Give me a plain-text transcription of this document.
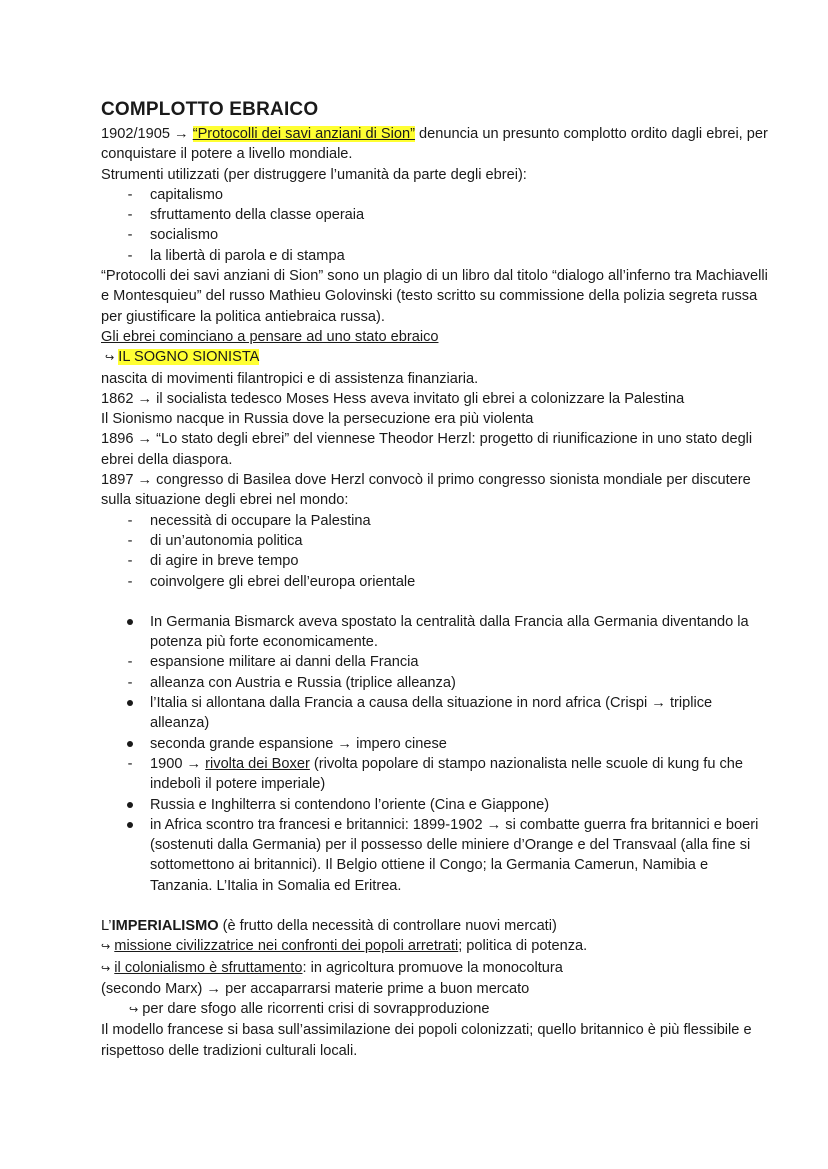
COMPLOTTO EBRAICO

1902/1905 → “Protocolli dei savi anziani di Sion” denuncia un presunto complotto ordito dagli ebrei, per conquistare il potere a livello mondiale.

Strumenti utilizzati (per distruggere l’umanità da parte degli ebrei):

- capitalismo
- sfruttamento della classe operaia
- socialismo
- la libertà di parola e di stampa

“Protocolli dei savi anziani di Sion” sono un plagio di un libro dal titolo “dialogo all’inferno tra Machiavelli e Montesquieu” del russo Mathieu Golovinski (testo scritto su commissione della polizia segreta russa per giustificare la politica antiebraica russa).

Gli ebrei cominciano a pensare ad uno stato ebraico

↪ IL SOGNO SIONISTA

nascita di movimenti filantropici e di assistenza finanziaria.

1862 → il socialista tedesco Moses Hess aveva invitato gli ebrei a colonizzare la Palestina

Il Sionismo nacque in Russia dove la persecuzione era più violenta

1896 → “Lo stato degli ebrei” del viennese Theodor Herzl: progetto di riunificazione in uno stato degli ebrei della diaspora.

1897 → congresso di Basilea dove Herzl convocò il primo congresso sionista mondiale per discutere sulla situazione degli ebrei nel mondo:

- necessità di occupare la Palestina
- di un’autonomia politica
- di agire in breve tempo
- coinvolgere gli ebrei dell’europa orientale
In Germania Bismarck aveva spostato la centralità dalla Francia alla Germania diventando la potenza più forte economicamente.
- espansione militare ai danni della Francia
- alleanza con Austria e Russia (triplice alleanza)
l’Italia si allontana dalla Francia a causa della situazione in nord africa (Crispi → triplice alleanza)
seconda grande espansione → impero cinese
- 1900 → rivolta dei Boxer (rivolta popolare di stampo nazionalista nelle scuole di kung fu che indebolì il potere imperiale)
Russia e Inghilterra si contendono l’oriente (Cina e Giappone)
in Africa scontro tra francesi e britannici: 1899-1902 → si combatte guerra fra britannici e boeri (sostenuti dalla Germania) per il possesso delle miniere d’Orange e del Transvaal (alla fine si sottomettono ai britannici). Il Belgio ottiene il Congo; la Germania Camerun, Namibia e Tanzania. L’Italia in Somalia ed Eritrea.

L’IMPERIALISMO (è frutto della necessità di controllare nuovi mercati)

↪ missione civilizzatrice nei confronti dei popoli arretrati; politica di potenza.

↪ il colonialismo è sfruttamento: in agricoltura promuove la monocoltura

(secondo Marx) → per accaparrarsi materie prime a buon mercato

↪ per dare sfogo alle ricorrenti crisi di sovrapproduzione

Il modello francese si basa sull’assimilazione dei popoli colonizzati; quello britannico è più flessibile e rispettoso delle tradizioni culturali locali.
